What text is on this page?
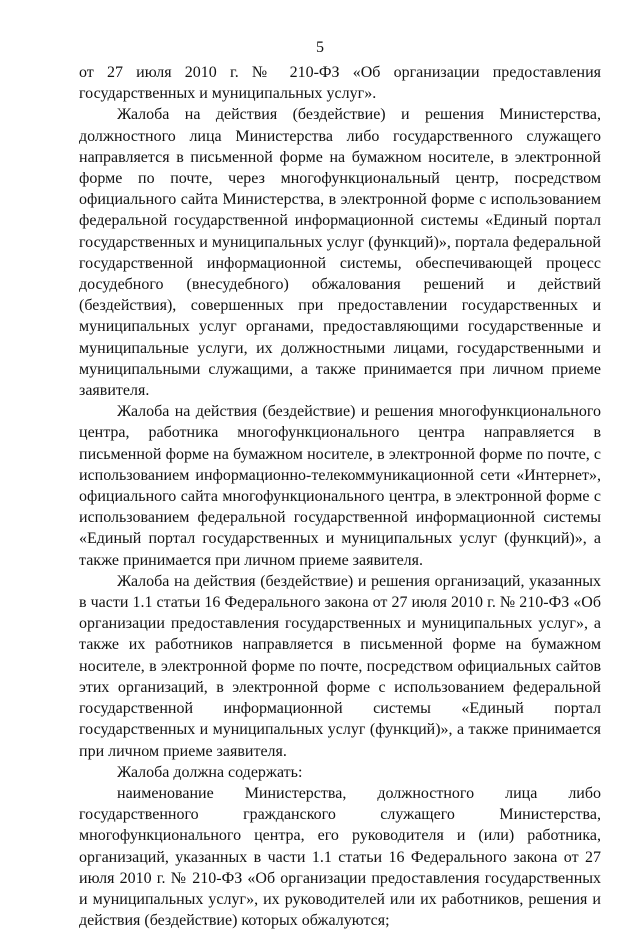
5

от 27 июля 2010 г. № 210-ФЗ «Об организации предоставления государственных и муниципальных услуг».

Жалоба на действия (бездействие) и решения Министерства, должностного лица Министерства либо государственного служащего направляется в письменной форме на бумажном носителе, в электронной форме по почте, через многофункциональный центр, посредством официального сайта Министерства, в электронной форме с использованием федеральной государственной информационной системы «Единый портал государственных и муниципальных услуг (функций)», портала федеральной государственной информационной системы, обеспечивающей процесс досудебного (внесудебного) обжалования решений и действий (бездействия), совершенных при предоставлении государственных и муниципальных услуг органами, предоставляющими государственные и муниципальные услуги, их должностными лицами, государственными и муниципальными служащими, а также принимается при личном приеме заявителя.

Жалоба на действия (бездействие) и решения многофункционального центра, работника многофункционального центра направляется в письменной форме на бумажном носителе, в электронной форме по почте, с использованием информационно-телекоммуникационной сети «Интернет», официального сайта многофункционального центра, в электронной форме с использованием федеральной государственной информационной системы «Единый портал государственных и муниципальных услуг (функций)», а также принимается при личном приеме заявителя.

Жалоба на действия (бездействие) и решения организаций, указанных в части 1.1 статьи 16 Федерального закона от 27 июля 2010 г. № 210-ФЗ «Об организации предоставления государственных и муниципальных услуг», а также их работников направляется в письменной форме на бумажном носителе, в электронной форме по почте, посредством официальных сайтов этих организаций, в электронной форме с использованием федеральной государственной информационной системы «Единый портал государственных и муниципальных услуг (функций)», а также принимается при личном приеме заявителя.

Жалоба должна содержать:

наименование Министерства, должностного лица либо государственного гражданского служащего Министерства, многофункционального центра, его руководителя и (или) работника, организаций, указанных в части 1.1 статьи 16 Федерального закона от 27 июля 2010 г. № 210-ФЗ «Об организации предоставления государственных и муниципальных услуг», их руководителей или их работников, решения и действия (бездействие) которых обжалуются;
